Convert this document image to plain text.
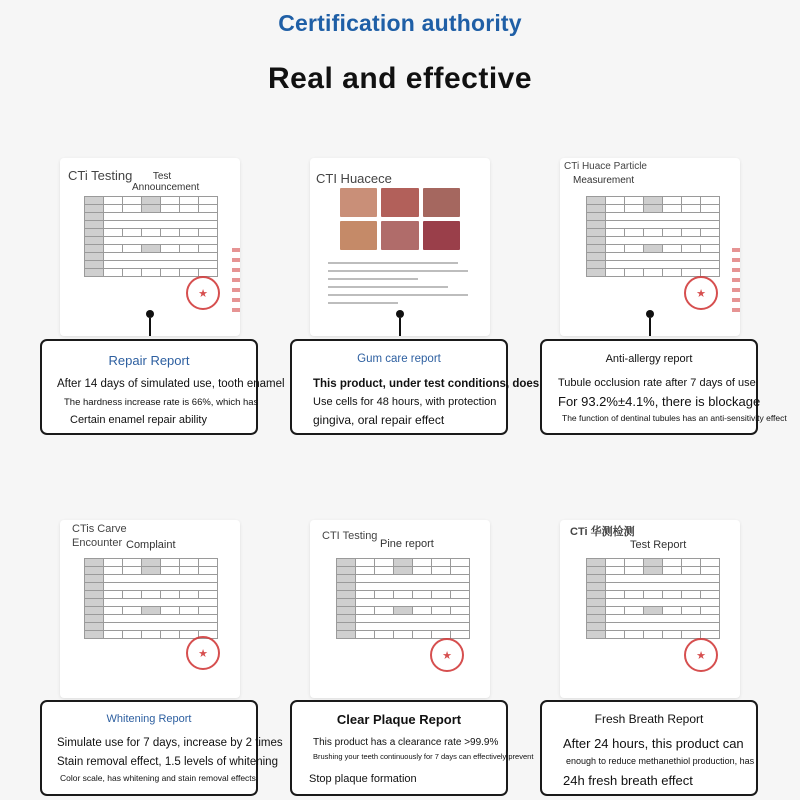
Certification authority
Real and effective
CTi Testing	Test Announcement

★
Repair Report
After 14 days of simulated use, tooth enamel
The hardness increase rate is 66%, which has
Certain enamel repair ability
CTI Huacece
Gum care report
This product, under test conditions, does
Use cells for 48 hours, with protection
gingiva, oral repair effect
CTi Huace Particle
Measurement

★
Anti-allergy report
Tubule occlusion rate after 7 days of use
For 93.2%±4.1%, there is blockage
The function of dentinal tubules has an anti-sensitivity effect
CTis Carve Encounter Complaint

★
Whitening Report
Simulate use for 7 days, increase by 2 times
Stain removal effect, 1.5 levels of whitening
Color scale, has whitening and stain removal effects
CTI Testing
Pine report

★
Clear Plaque Report
This product has a clearance rate >99.9%
Brushing your teeth continuously for 7 days can effectively prevent
Stop plaque formation
CTi 华测检测
Test Report

★
Fresh Breath Report
After 24 hours, this product can
enough to reduce methanethiol production, has
24h fresh breath effect
